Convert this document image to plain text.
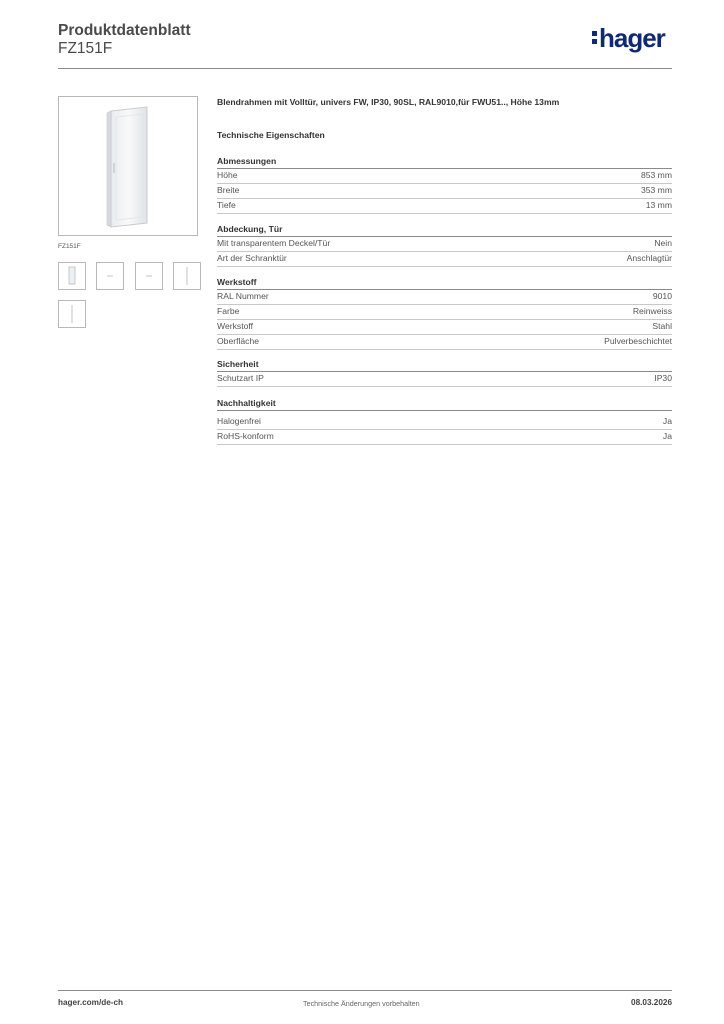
Produktdatenblatt
FZ151F	hager
FZ151F
Blendrahmen mit Volltür, univers FW, IP30, 90SL, RAL9010,für FWU51.., Höhe 13mm
Technische Eigenschaften
Abmessungen
Höhe	853 mm
Breite	353 mm
Tiefe	13 mm
Abdeckung, Tür
Mit transparentem Deckel/Tür	Nein
Art der Schranktür	Anschlagtür
Werkstoff
RAL Nummer	9010
Farbe	Reinweiss
Werkstoff	Stahl
Oberfläche	Pulverbeschichtet
Sicherheit
Schutzart IP	IP30
Nachhaltigkeit
Halogenfrei	Ja
RoHS-konform	Ja
hager.com/de-ch	Technische Änderungen vorbehalten	08.03.2026
